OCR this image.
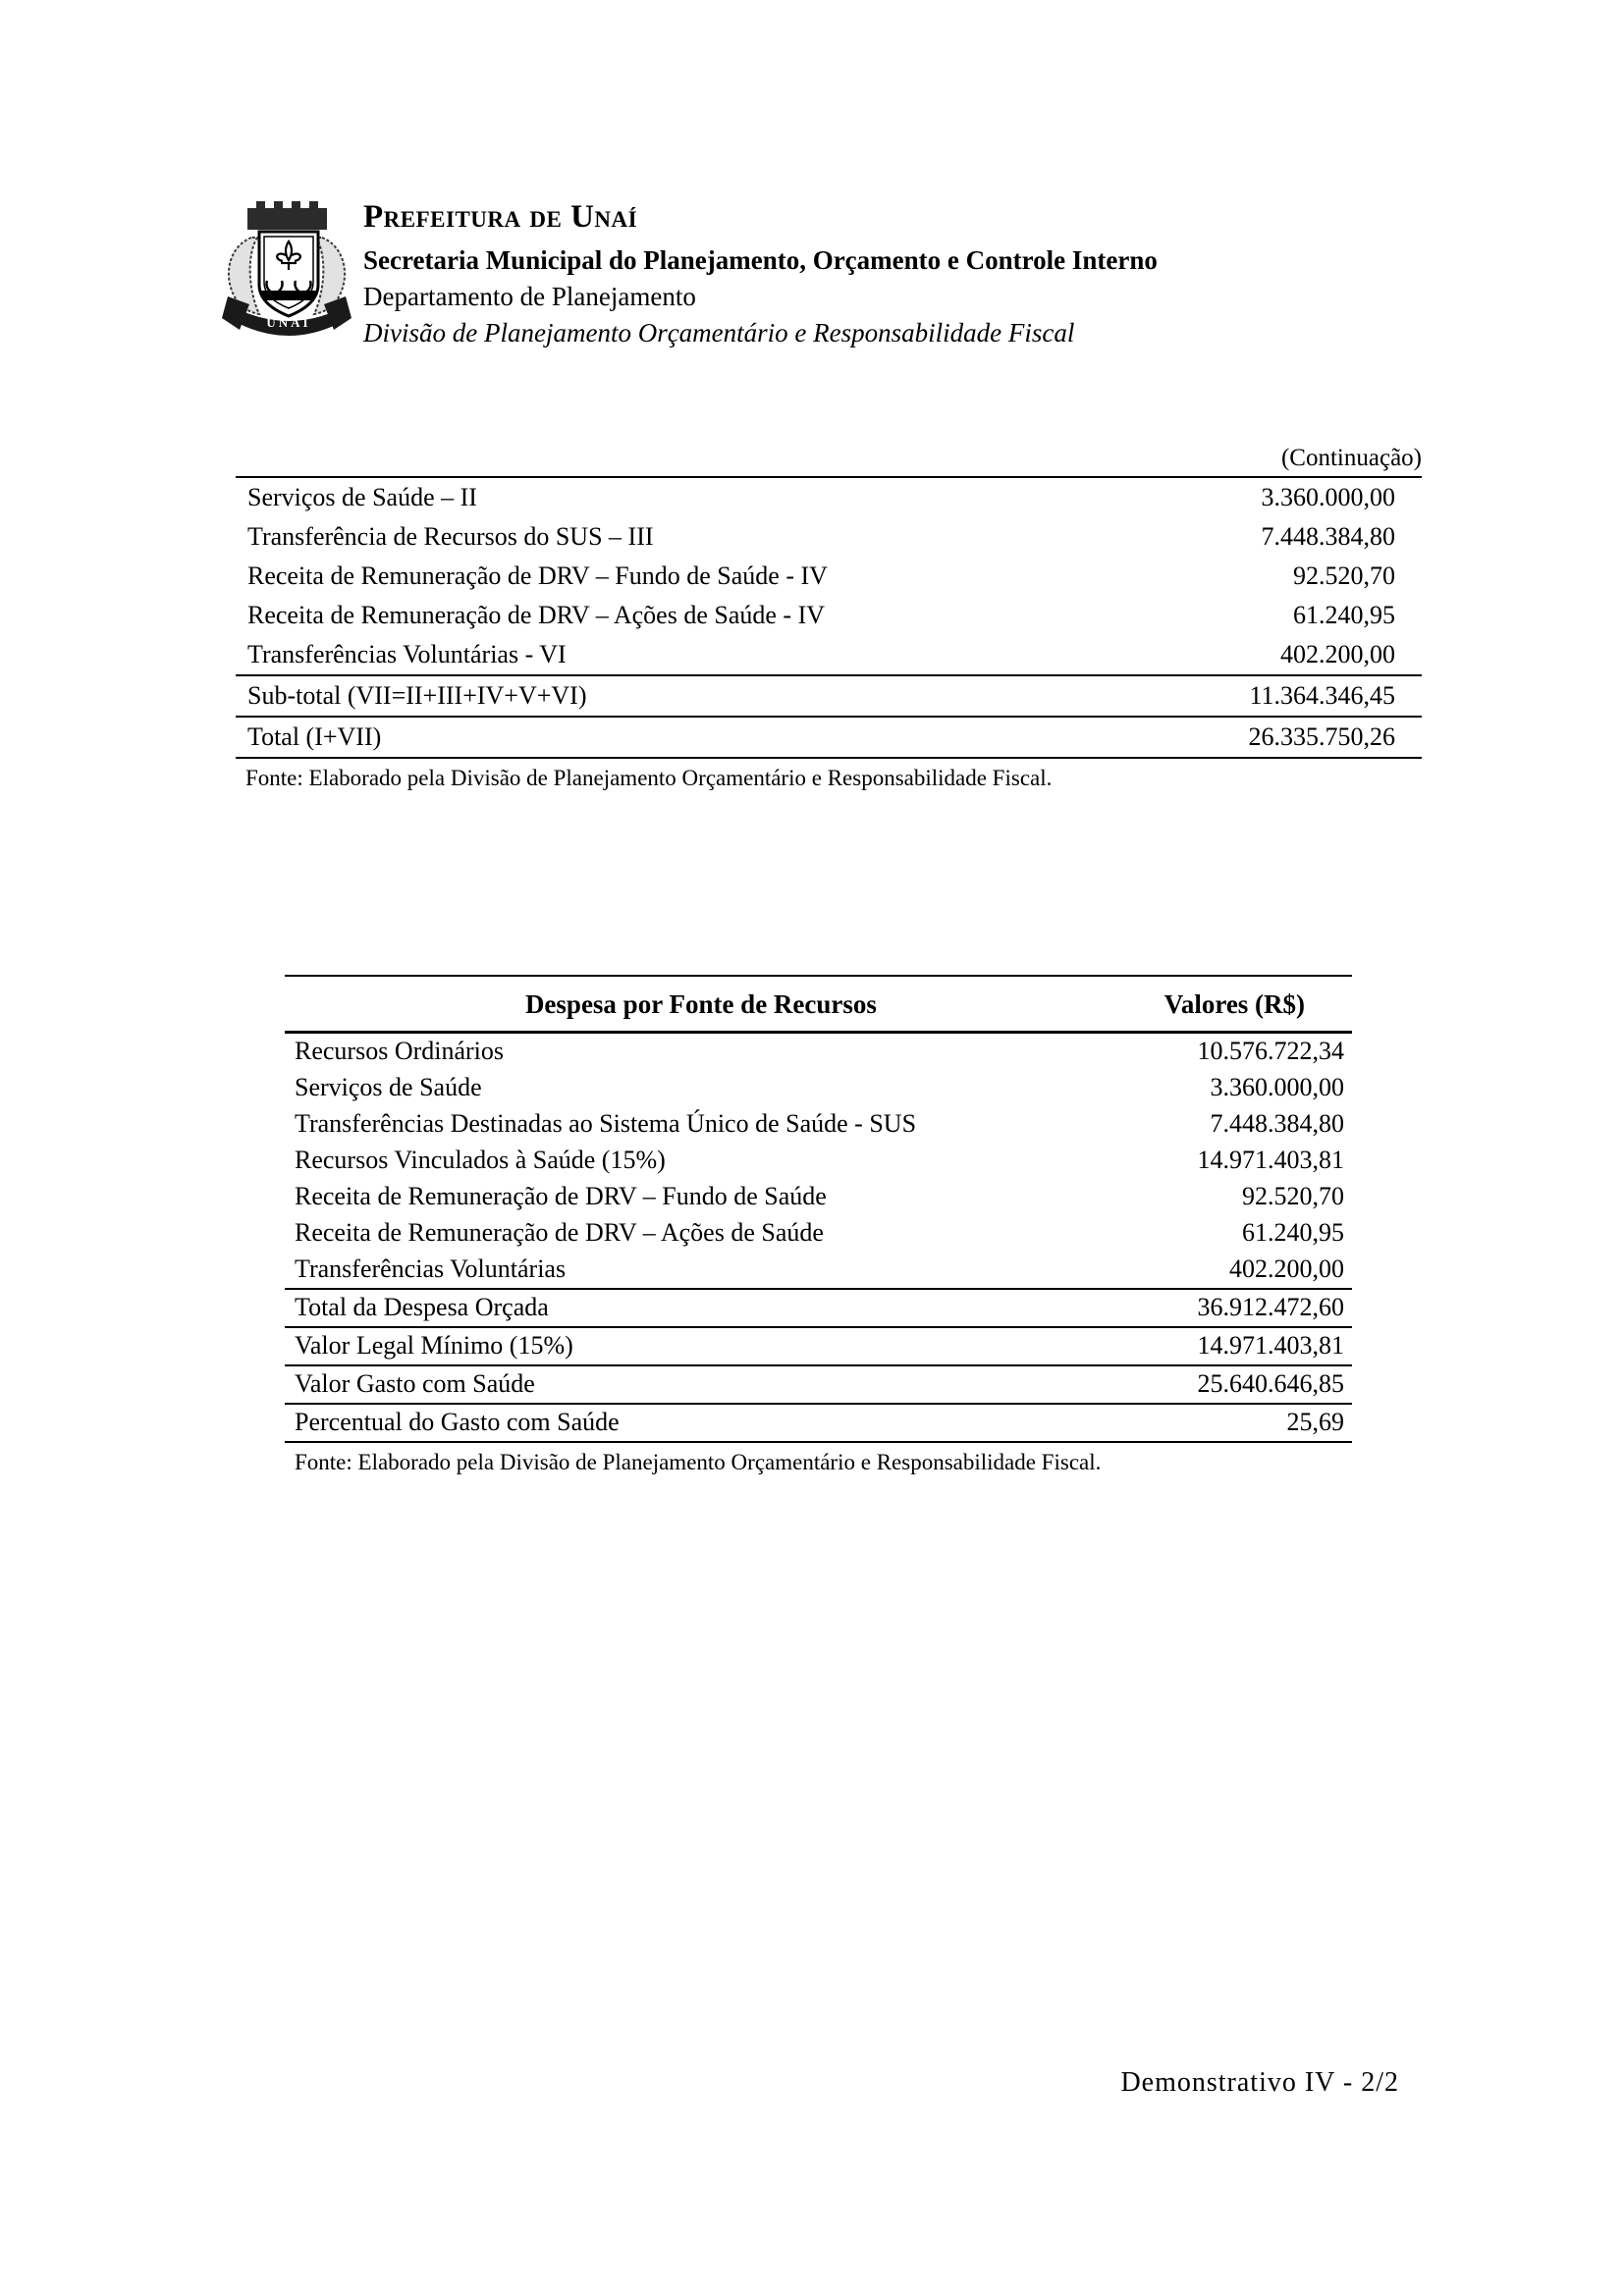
UNAÍ
Prefeitura de Unaí
Secretaria Municipal do Planejamento, Orçamento e Controle Interno
Departamento de Planejamento
Divisão de Planejamento Orçamentário e Responsabilidade Fiscal
(Continuação)
Serviços de Saúde – II	3.360.000,00
Transferência de Recursos do SUS – III	7.448.384,80
Receita de Remuneração de DRV – Fundo de Saúde - IV	92.520,70
Receita de Remuneração de DRV – Ações de Saúde - IV	61.240,95
Transferências Voluntárias - VI	402.200,00
Sub-total (VII=II+III+IV+V+VI)	11.364.346,45
Total (I+VII)	26.335.750,26
Fonte: Elaborado pela Divisão de Planejamento Orçamentário e Responsabilidade Fiscal.
Despesa por Fonte de Recursos	Valores (R$)
Recursos Ordinários	10.576.722,34
Serviços de Saúde	3.360.000,00
Transferências Destinadas ao Sistema Único de Saúde - SUS	7.448.384,80
Recursos Vinculados à Saúde (15%)	14.971.403,81
Receita de Remuneração de DRV – Fundo de Saúde	92.520,70
Receita de Remuneração de DRV – Ações de Saúde	61.240,95
Transferências Voluntárias	402.200,00
Total da Despesa Orçada	36.912.472,60
Valor Legal Mínimo (15%)	14.971.403,81
Valor Gasto com Saúde	25.640.646,85
Percentual do Gasto com Saúde	25,69
Fonte: Elaborado pela Divisão de Planejamento Orçamentário e Responsabilidade Fiscal.
Demonstrativo IV - 2/2
